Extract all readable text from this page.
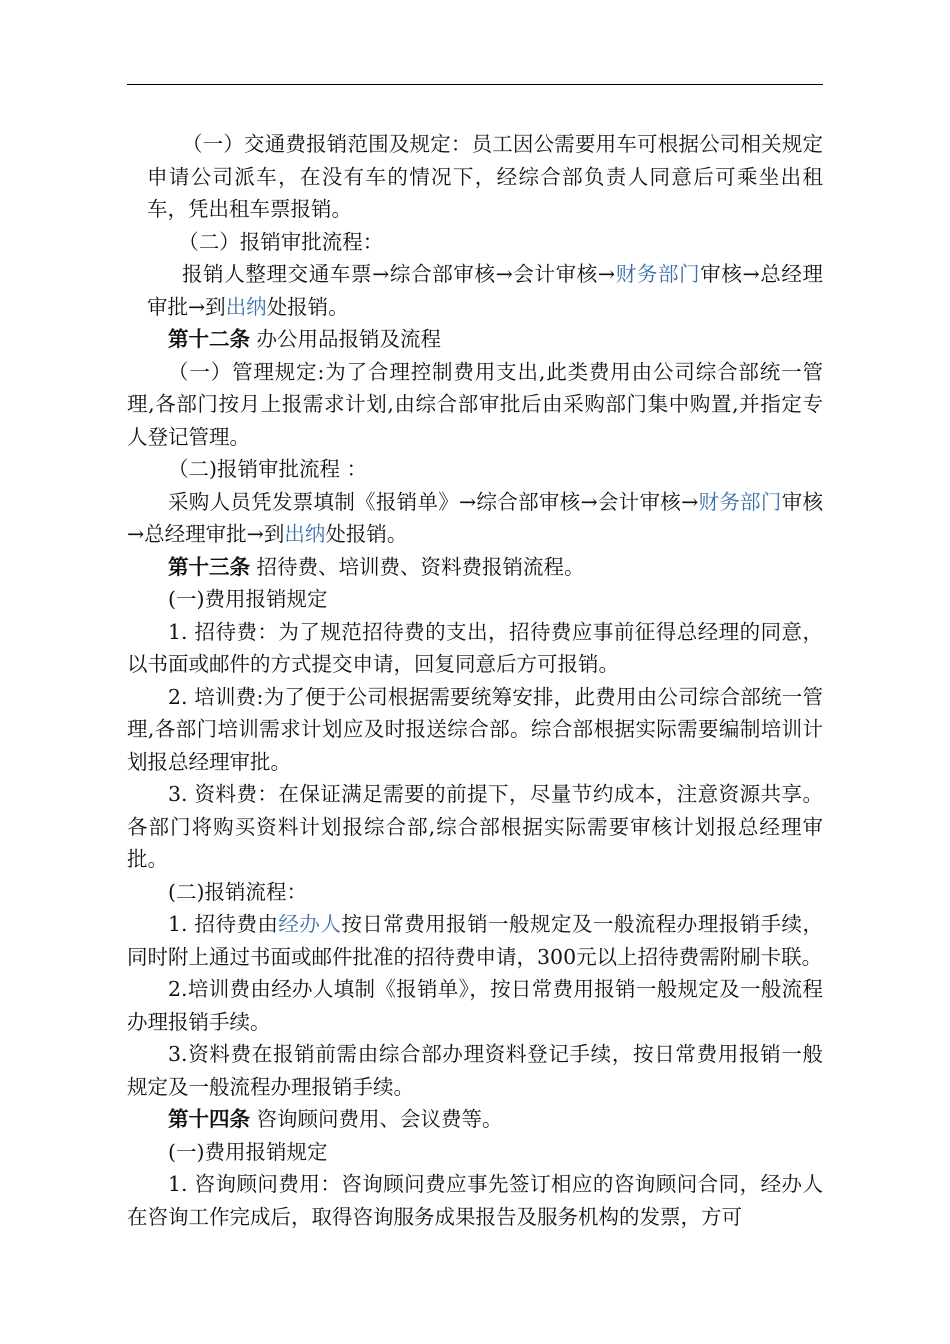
（一）交通费报销范围及规定：员工因公需要用车可根据公司相关规定申请公司派车，在没有车的情况下，经综合部负责人同意后可乘坐出租车，凭出租车票报销。

（二）报销审批流程：

报销人整理交通车票→综合部审核→会计审核→财务部门审核→总经理审批→到出纳处报销。

第十二条 办公用品报销及流程

（一）管理规定:为了合理控制费用支出,此类费用由公司综合部统一管理,各部门按月上报需求计划,由综合部审批后由采购部门集中购置,并指定专人登记管理。

（二)报销审批流程 ：

采购人员凭发票填制《报销单》→综合部审核→会计审核→财务部门审核→总经理审批→到出纳处报销。

第十三条 招待费、培训费、资料费报销流程。

(一)费用报销规定

1. 招待费：为了规范招待费的支出，招待费应事前征得总经理的同意，以书面或邮件的方式提交申请，回复同意后方可报销。

2. 培训费:为了便于公司根据需要统筹安排，此费用由公司综合部统一管理,各部门培训需求计划应及时报送综合部。综合部根据实际需要编制培训计划报总经理审批。

3. 资料费：在保证满足需要的前提下，尽量节约成本，注意资源共享。各部门将购买资料计划报综合部,综合部根据实际需要审核计划报总经理审批。

(二)报销流程：

1. 招待费由经办人按日常费用报销一般规定及一般流程办理报销手续，同时附上通过书面或邮件批准的招待费申请，300元以上招待费需附刷卡联。

2.培训费由经办人填制《报销单》，按日常费用报销一般规定及一般流程办理报销手续。

3.资料费在报销前需由综合部办理资料登记手续，按日常费用报销一般规定及一般流程办理报销手续。

第十四条 咨询顾问费用、会议费等。

(一)费用报销规定

1. 咨询顾问费用：咨询顾问费应事先签订相应的咨询顾问合同，经办人在咨询工作完成后，取得咨询服务成果报告及服务机构的发票，方可
